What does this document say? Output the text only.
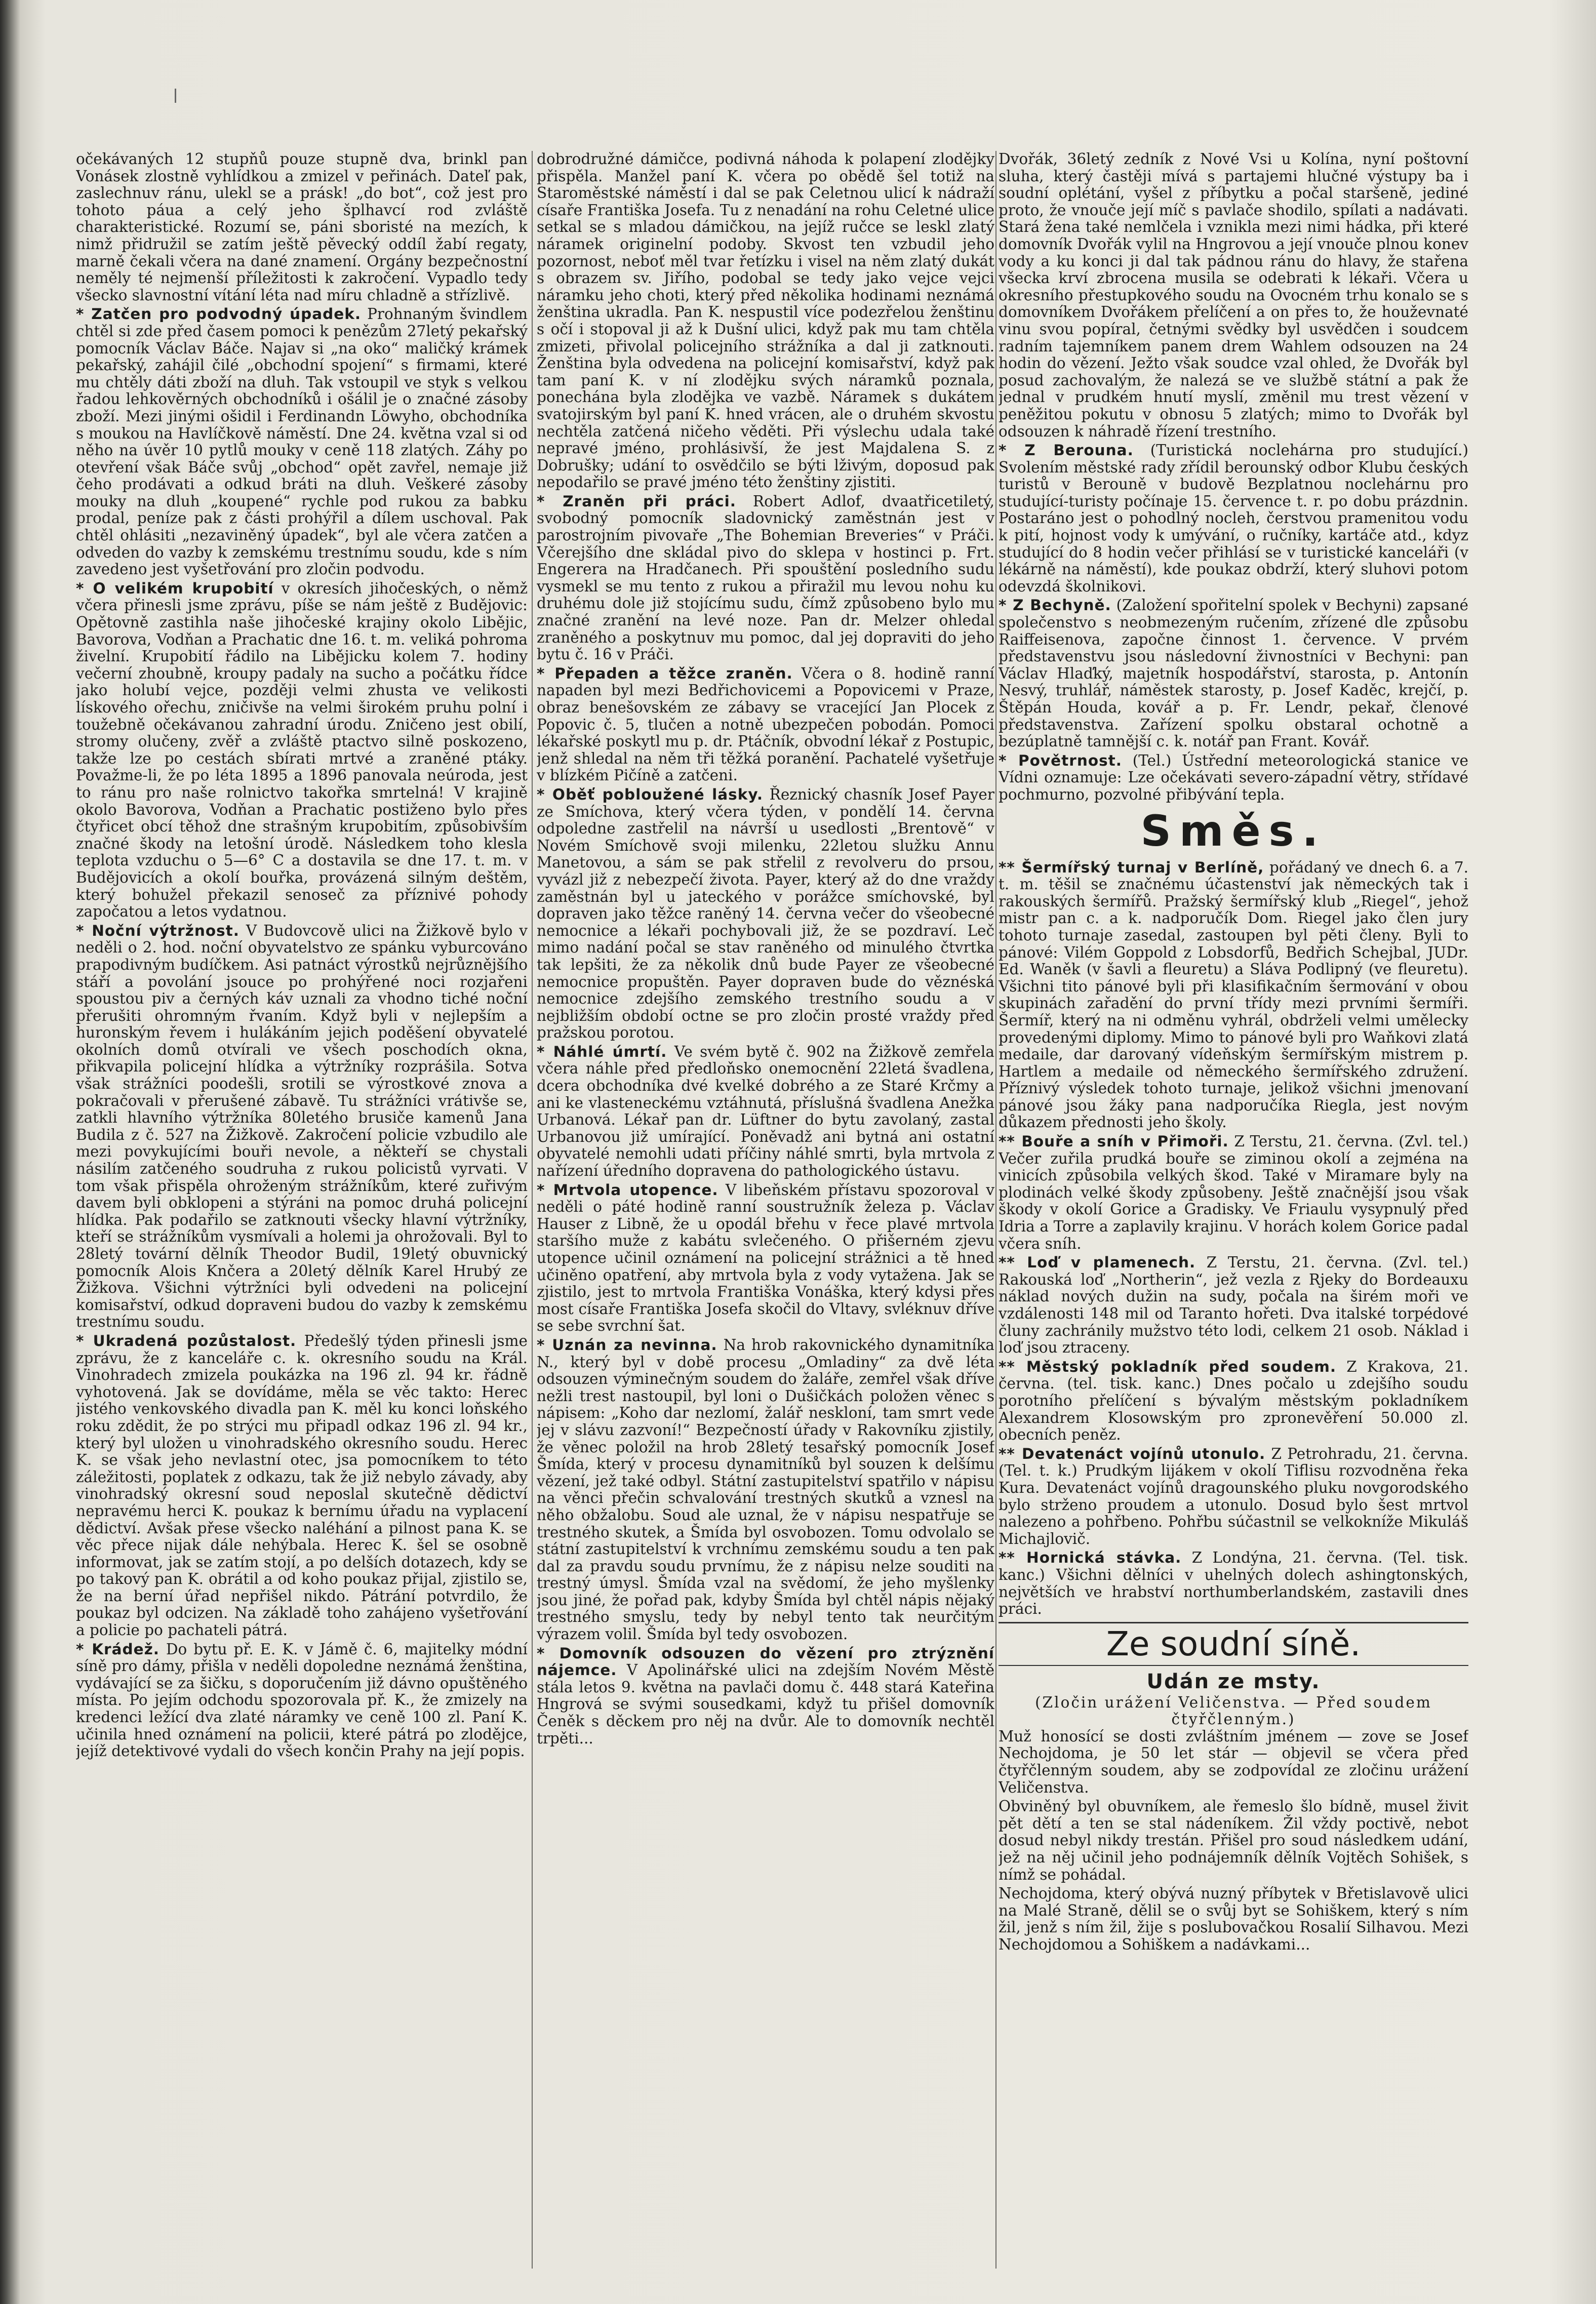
očekávaných 12 stupňů pouze stupně dva, brinkl pan Vonásek zlostně vyhlídkou a zmizel v peřinách. Dateľ pak, zaslechnuv ránu, ulekl se a prásk! „do bot“, což jest pro tohoto páua a celý jeho šplhavcí rod zvláště charakteristické. Rozumí se, páni sboristé na mezích, k nimž přidružil se zatím ještě pěvecký oddíl žabí regaty, marně čekali včera na dané znamení. Orgány bezpečnostní neměly té nejmenší příležitosti k zakročení. Vypadlo tedy všecko slavnostní vítání léta nad míru chladně a střízlivě.

* Zatčen pro podvodný úpadek. Prohnaným švindlem chtěl si zde před časem pomoci k penězům 27letý pekařský pomocník Václav Báče. Najav si „na oko“ maličký krámek pekařský, zahájil čilé „obchodní spojení“ s firmami, které mu chtěly dáti zboží na dluh. Tak vstoupil ve styk s velkou řadou lehkověrných obchodníků i ošálil je o značné zásoby zboží. Mezi jinými ošidil i Ferdinandn Löwyho, obchodníka s moukou na Havlíčkově náměstí. Dne 24. května vzal si od něho na úvěr 10 pytlů mouky v ceně 118 zlatých. Záhy po otevření však Báče svůj „obchod“ opět zavřel, nemaje již čeho prodávati a odkud bráti na dluh. Veškeré zásoby mouky na dluh „koupené“ rychle pod rukou za babku prodal, peníze pak z části prohýřil a dílem uschoval. Pak chtěl ohlásiti „nezaviněný úpadek“, byl ale včera zatčen a odveden do vazby k zemskému trestnímu soudu, kde s ním zavedeno jest vyšetřování pro zločin podvodu.

* O velikém krupobití v okresích jihočeských, o němž včera přinesli jsme zprávu, píše se nám ještě z Budějovic: Opětovně zastihla naše jihočeské krajiny okolo Libějic, Bavorova, Vodňan a Prachatic dne 16. t. m. veliká pohroma živelní. Krupobití řádilo na Libějicku kolem 7. hodiny večerní zhoubně, kroupy padaly na sucho a počátku řídce jako holubí vejce, později velmi zhusta ve velikosti lískového ořechu, zničivše na velmi širokém pruhu polní i toužebně očekávanou zahradní úrodu. Zničeno jest obilí, stromy olučeny, zvěř a zvláště ptactvo silně poskozeno, takže lze po cestách sbírati mrtvé a zraněné ptáky. Považme-li, že po léta 1895 a 1896 panovala neúroda, jest to ránu pro naše rolnictvo takořka smrtelná! V krajině okolo Bavorova, Vodňan a Prachatic postiženo bylo přes čtyřicet obcí těhož dne strašným krupobitím, způsobivším značné škody na letošní úrodě. Následkem toho klesla teplota vzduchu o 5—6° C a dostavila se dne 17. t. m. v Budějovicích a okolí bouřka, provázená silným deštěm, který bohužel překazil senoseč za příznivé pohody započatou a letos vydatnou.

* Noční výtržnost. V Budovcově ulici na Žižkově bylo v neděli o 2. hod. noční obyvatelstvo ze spánku vyburcováno prapodivným budíčkem. Asi patnáct výrostků nejrůznějšího stáří a povolání jsouce po prohýřené noci rozjařeni spoustou piv a černých káv uznali za vhodno tiché noční přerušiti ohromným řvaním. Když byli v nejlepším a huronským řevem i hulákáním jejich poděšení obyvatelé okolních domů otvírali ve všech poschodích okna, přikvapila policejní hlídka a výtržníky rozprášila. Sotva však strážníci poodešli, srotili se výrostkové znova a pokračovali v přerušené zábavě. Tu strážníci vrátivše se, zatkli hlavního výtržníka 80letého brusiče kamenů Jana Budila z č. 527 na Žižkově. Zakročení policie vzbudilo ale mezi povykujícími bouři nevole, a někteří se chystali násilím zatčeného soudruha z rukou policistů vyrvati. V tom však přispěla ohroženým strážníkům, které zuřivým davem byli obklopeni a stýráni na pomoc druhá policejní hlídka. Pak podařilo se zatknouti všecky hlavní výtržníky, kteří se strážníkům vysmívali a holemi ja ohrožovali. Byl to 28letý tovární dělník Theodor Budil, 19letý obuvnický pomocník Alois Knčera a 20letý dělník Karel Hrubý ze Žižkova. Všichni výtržníci byli odvedeni na policejní komisařství, odkud dopraveni budou do vazby k zemskému trestnímu soudu.

* Ukradená pozůstalost. Předešlý týden přinesli jsme zprávu, že z kanceláře c. k. okresního soudu na Král. Vinohradech zmizela poukázka na 196 zl. 94 kr. řádně vyhotovená. Jak se dovídáme, měla se věc takto: Herec jistého venkovského divadla pan K. měl ku konci loňského roku zdědit, že po strýci mu připadl odkaz 196 zl. 94 kr., který byl uložen u vinohradského okresního soudu. Herec K. se však jeho nevlastní otec, jsa pomocníkem to této záležitosti, poplatek z odkazu, tak že již nebylo závady, aby vinohradský okresní soud neposlal skutečně dědictví nepravému herci K. poukaz k bernímu úřadu na vyplacení dědictví. Avšak přese všecko naléhání a pilnost pana K. se věc přece nijak dále nehýbala. Herec K. šel se osobně informovat, jak se zatím stojí, a po delších dotazech, kdy se po takový pan K. obrátil a od koho poukaz přijal, zjistilo se, že na berní úřad nepřišel nikdo. Pátrání potvrdilo, že poukaz byl odcizen. Na základě toho zahájeno vyšetřování a policie po pachateli pátrá.

* Krádež. Do bytu př. E. K. v Jámě č. 6, majitelky módní síně pro dámy, přišla v neděli dopoledne neznámá ženština, vydávající se za šičku, s doporučením již dávno opuštěného místa. Po jejím odchodu spozorovala př. K., že zmizely na kredenci ležící dva zlaté náramky ve ceně 100 zl. Paní K. učinila hned oznámení na policii, které pátrá po zlodějce, jejíž detektivové vydali do všech končin Prahy na její popis.

dobrodružné dámičce, podivná náhoda k polapení zlodějky přispěla. Manžel paní K. včera po obědě šel totiž na Staroměstské náměstí i dal se pak Celetnou ulicí k nádraží císaře Františka Josefa. Tu z nenadání na rohu Celetné ulice setkal se s mladou dámičkou, na jejíž ručce se leskl zlatý náramek originelní podoby. Skvost ten vzbudil jeho pozornost, neboť měl tvar řetízku i visel na něm zlatý dukát s obrazem sv. Jiřího, podobal se tedy jako vejce vejci náramku jeho choti, který před několika hodinami neznámá ženština ukradla. Pan K. nespustil více podezřelou ženštinu s očí i stopoval ji až k Dušní ulici, když pak mu tam chtěla zmizeti, přivolal policejního strážníka a dal ji zatknouti. Ženština byla odvedena na policejní komisařství, když pak tam paní K. v ní zlodějku svých náramků poznala, ponechána byla zlodějka ve vazbě. Náramek s dukátem svatojirským byl paní K. hned vrácen, ale o druhém skvostu nechtěla zatčená ničeho věděti. Při výslechu udala také nepravé jméno, prohlásivší, že jest Majdalena S. z Dobrušky; udání to osvědčilo se býti lživým, doposud pak nepodařilo se pravé jméno této ženštiny zjistiti.

* Zraněn při práci. Robert Adlof, dvaatřicetiletý, svobodný pomocník sladovnický zaměstnán jest v parostrojním pivovaře „The Bohemian Breveries“ v Práči. Včerejšího dne skládal pivo do sklepa v hostinci p. Frt. Engerera na Hradčanech. Při spouštění posledního sudu vysmekl se mu tento z rukou a přiražil mu levou nohu ku druhému dole již stojícímu sudu, čímž způsobeno bylo mu značné zranění na levé noze. Pan dr. Melzer ohledal zraněného a poskytnuv mu pomoc, dal jej dopraviti do jeho bytu č. 16 v Práči.

* Přepaden a těžce zraněn. Včera o 8. hodině ranní napaden byl mezi Bedřichovicemi a Popovicemi v Praze, obraz benešovském ze zábavy se vracející Jan Plocek z Popovic č. 5, tlučen a notně ubezpečen pobodán. Pomoci lékařské poskytl mu p. dr. Ptáčník, obvodní lékař z Postupic, jenž shledal na něm tři těžká poranění. Pachatelé vyšetřuje v blízkém Pičíně a zatčeni.

* Oběť pobloužené lásky. Řeznický chasník Josef Payer ze Smíchova, který včera týden, v pondělí 14. června odpoledne zastřelil na návrší u usedlosti „Brentově“ v Novém Smíchově svoji milenku, 22letou služku Annu Manetovou, a sám se pak střelil z revolveru do prsou, vyvázl již z nebezpečí života. Payer, který až do dne vraždy zaměstnán byl u jateckého v porážce smíchovské, byl dopraven jako těžce raněný 14. června večer do všeobecné nemocnice a lékaři pochybovali již, že se pozdraví. Leč mimo nadání počal se stav raněného od minulého čtvrtka tak lepšiti, že za několik dnů bude Payer ze všeobecné nemocnice propuštěn. Payer dopraven bude do věznéská nemocnice zdejšího zemského trestního soudu a v nejbližším období octne se pro zločin prosté vraždy před pražskou porotou.

* Náhlé úmrtí. Ve svém bytě č. 902 na Žižkově zemřela včera náhle před předloňsko onemocnění 22letá švadlena, dcera obchodníka dvé kvelké dobrého a ze Staré Krčmy a ani ke vlasteneckému vztáhnutá, příslušná švadlena Anežka Urbanová. Lékař pan dr. Lüftner do bytu zavolaný, zastal Urbanovou již umírající. Poněvadž ani bytná ani ostatní obyvatelé nemohli udati příčiny náhlé smrti, byla mrtvola z nařízení úředního dopravena do pathologického ústavu.

* Mrtvola utopence. V libeňském přístavu spozoroval v neděli o páté hodině ranní soustružník železa p. Václav Hauser z Libně, že u opodál břehu v řece plavé mrtvola staršího muže z kabátu svlečeného. O přišerném zjevu utopence učinil oznámení na policejní strážnici a tě hned učiněno opatření, aby mrtvola byla z vody vytažena. Jak se zjistilo, jest to mrtvola Františka Vonáška, který kdysi přes most císaře Františka Josefa skočil do Vltavy, svléknuv dříve se sebe svrchní šat.

* Uznán za nevinna. Na hrob rakovnického dynamitníka N., který byl v době procesu „Omladiny“ za dvě léta odsouzen výminečným soudem do žaláře, zemřel však dříve nežli trest nastoupil, byl loni o Dušičkách položen věnec s nápisem: „Koho dar nezlomí, žalář neskloní, tam smrt vede jej v slávu zazvoní!“ Bezpečností úřady v Rakovníku zjistily, že věnec položil na hrob 28letý tesařský pomocník Josef Šmída, který v procesu dynamitníků byl souzen k delšímu vězení, jež také odbyl. Státní zastupitelství spatřilo v nápisu na věnci přečin schvalování trestných skutků a vznesl na něho obžalobu. Soud ale uznal, že v nápisu nespatřuje se trestného skutek, a Šmída byl osvobozen. Tomu odvolalo se státní zastupitelství k vrchnímu zemskému soudu a ten pak dal za pravdu soudu prvnímu, že z nápisu nelze souditi na trestný úmysl. Šmída vzal na svědomí, že jeho myšlenky jsou jiné, že pořad pak, kdyby Šmída byl chtěl nápis nějaký trestného smyslu, tedy by nebyl tento tak neurčitým výrazem volil. Šmída byl tedy osvobozen.

* Domovník odsouzen do vězení pro ztrýznění nájemce. V Apolinářské ulici na zdejším Novém Městě stála letos 9. května na pavlači domu č. 448 stará Kateřina Hngrová se svými sousedkami, když tu přišel domovník Čeněk s děckem pro něj na dvůr. Ale to domovník nechtěl trpěti...

Dvořák, 36letý zedník z Nové Vsi u Kolína, nyní poštovní sluha, který častěji mívá s partajemi hlučné výstupy ba i soudní oplétání, vyšel z příbytku a počal staršeně, jediné proto, že vnouče její míč s pavlače shodilo, spílati a nadávati. Stará žena také nemlčela i vznikla mezi nimi hádka, při které domovník Dvořák vylil na Hngrovou a její vnouče plnou konev vody a ku konci ji dal tak pádnou ránu do hlavy, že stařena všecka krví zbrocena musila se odebrati k lékaři. Včera u okresního přestupkového soudu na Ovocném trhu konalo se s domovníkem Dvořákem přelíčení a on přes to, že houževnaté vinu svou popíral, četnými svědky byl usvědčen i soudcem radním tajemníkem panem drem Wahlem odsouzen na 24 hodin do vězení. Ježto však soudce vzal ohled, že Dvořák byl posud zachovalým, že nalezá se ve službě státní a pak že jednal v prudkém hnutí myslí, změnil mu trest vězení v peněžitou pokutu v obnosu 5 zlatých; mimo to Dvořák byl odsouzen k náhradě řízení trestního.

* Z Berouna. (Turistická noclehárna pro studující.) Svolením městské rady zřídil berounský odbor Klubu českých turistů v Berouně v budově Bezplatnou noclehárnu pro studující-turisty počínaje 15. července t. r. po dobu prázdnin. Postaráno jest o pohodlný nocleh, čerstvou pramenitou vodu k pití, hojnost vody k umývání, o ručníky, kartáče atd., kdyz studující do 8 hodin večer přihlásí se v turistické kanceláři (v lékárně na náměstí), kde poukaz obdrží, který sluhovi potom odevzdá školnikovi.

* Z Bechyně. (Založení spořitelní spolek v Bechyni) zapsané společenstvo s neobmezeným ručením, zřízené dle způsobu Raiffeisenova, započne činnost 1. července. V prvém představenstvu jsou následovní živnostníci v Bechyni: pan Václav Hlaďký, majetník hospodářství, starosta, p. Antonín Nesvý, truhlář, náměstek starosty, p. Josef Kaděc, krejčí, p. Štěpán Houda, kovář a p. Fr. Lendr, pekař, členové představenstva. Zařízení spolku obstaral ochotně a bezúplatně tamnější c. k. notář pan Frant. Kovář.

* Povětrnost. (Tel.) Ústřední meteorologická stanice ve Vídni oznamuje: Lze očekávati severo-západní větry, střídavé pochmurno, pozvolné přibývání tepla.

Směs.

** Šermířský turnaj v Berlíně, pořádaný ve dnech 6. a 7. t. m. těšil se značnému účastenství jak německých tak i rakouských šermířů. Pražský šermířský klub „Riegel“, jehož mistr pan c. a k. nadporučík Dom. Riegel jako člen jury tohoto turnaje zasedal, zastoupen byl pěti členy. Byli to pánové: Vilém Goppold z Lobsdorfů, Bedřich Schejbal, JUDr. Ed. Waněk (v šavli a fleuretu) a Sláva Podlipný (ve fleuretu). Všichni tito pánové byli při klasifikačním šermování v obou skupinách zařadění do první třídy mezi prvními šermíři. Šermíř, který na ni odměnu vyhrál, obdrželi velmi umělecky provedenými diplomy. Mimo to pánové byli pro Waňkovi zlatá medaile, dar darovaný vídeňským šermířským mistrem p. Hartlem a medaile od německého šermířského združení. Příznivý výsledek tohoto turnaje, jelikož všichni jmenovaní pánové jsou žáky pana nadporučíka Riegla, jest novým důkazem přednosti jeho školy.

** Bouře a sníh v Přimoři. Z Terstu, 21. června. (Zvl. tel.) Večer zuřila prudká bouře se ziminou okolí a zejména na vinicích způsobila velkých škod. Také v Miramare byly na plodinách velké škody způsobeny. Ještě značnější jsou však škody v okolí Gorice a Gradisky. Ve Friaulu vysypnulý před Idria a Torre a zaplavily krajinu. V horách kolem Gorice padal včera sníh.

** Loď v plamenech. Z Terstu, 21. června. (Zvl. tel.) Rakouská loď „Northerin“, jež vezla z Rjeky do Bordeauxu náklad nových dužin na sudy, počala na širém moři ve vzdálenosti 148 mil od Taranto hořeti. Dva italské torpédové čluny zachránily mužstvo této lodi, celkem 21 osob. Náklad i loď jsou ztraceny.

** Městský pokladník před soudem. Z Krakova, 21. června. (tel. tisk. kanc.) Dnes počalo u zdejšího soudu porotního přelíčení s bývalým městským pokladníkem Alexandrem Klosowským pro zpronevěření 50.000 zl. obecních peněz.

** Devatenáct vojínů utonulo. Z Petrohradu, 21. června. (Tel. t. k.) Prudkým lijákem v okolí Tiflisu rozvodněna řeka Kura. Devatenáct vojínů dragounského pluku novgorodského bylo strženo proudem a utonulo. Dosud bylo šest mrtvol nalezeno a pohřbeno. Pohřbu súčastnil se velkokníže Mikuláš Michajlovič.

** Hornická stávka. Z Londýna, 21. června. (Tel. tisk. kanc.) Všichni dělníci v uhelných dolech ashingtonských, největších ve hrabství northumberlandském, zastavili dnes práci.

Ze soudní síně.
Udán ze msty.
(Zločin urážení Veličenstva. — Před soudem čtyřčlenným.)

Muž honosící se dosti zvláštním jménem — zove se Josef Nechojdoma, je 50 let stár — objevil se včera před čtyřčlenným soudem, aby se zodpovídal ze zločinu urážení Veličenstva.

Obviněný byl obuvníkem, ale řemeslo šlo bídně, musel živit pět dětí a ten se stal nádeníkem. Žil vždy poctivě, nebot dosud nebyl nikdy trestán. Přišel pro soud následkem udání, jež na něj učinil jeho podnájemník dělník Vojtěch Sohišek, s nímž se pohádal.

Nechojdoma, který obývá nuzný příbytek v Břetislavově ulici na Malé Straně, dělil se o svůj byt se Sohiškem, který s ním žil, jenž s ním žil, žije s poslubovačkou Rosalií Silhavou. Mezi Nechojdomou a Sohiškem a nadávkami...
